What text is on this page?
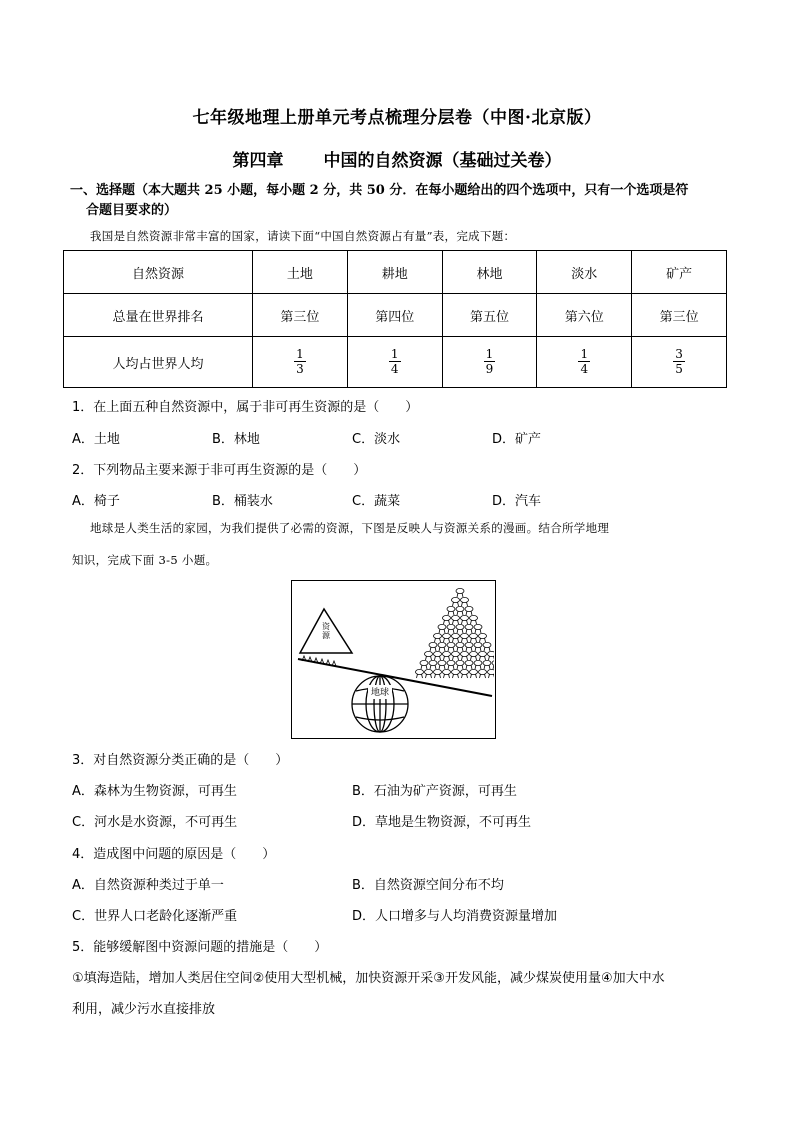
七年级地理上册单元考点梳理分层卷（中图·北京版）
第四章 中国的自然资源（基础过关卷）
一、选择题（本大题共 25 小题，每小题 2 分，共 50 分．在每小题给出的四个选项中，只有一个选项是符
合题目要求的）
我国是自然资源非常丰富的国家，请读下面“中国自然资源占有量”表，完成下题：
自然资源	土地	耕地	林地	淡水	矿产
总量在世界排名	第三位	第四位	第五位	第六位	第三位
人均占世界人均	$\frac{1}{3}$	$\frac{1}{4}$	$\frac{1}{9}$	$\frac{1}{4}$	$\frac{3}{5}$
1．在上面五种自然资源中，属于非可再生资源的是（　　）
A．土地	B．林地	C．淡水	D．矿产
2．下列物品主要来源于非可再生资源的是（　　）
A．椅子	B．桶装水	C．蔬菜	D．汽车
地球是人类生活的家园，为我们提供了必需的资源，下图是反映人与资源关系的漫画。结合所学地理
知识，完成下面 3-5 小题。
资源
地球
3．对自然资源分类正确的是（　　）
A．森林为生物资源，可再生	B．石油为矿产资源，可再生
C．河水是水资源，不可再生	D．草地是生物资源，不可再生
4．造成图中问题的原因是（　　）
A．自然资源种类过于单一	B．自然资源空间分布不均
C．世界人口老龄化逐渐严重	D．人口增多与人均消费资源量增加
5．能够缓解图中资源问题的措施是（　　）
①填海造陆，增加人类居住空间②使用大型机械，加快资源开采③开发风能，减少煤炭使用量④加大中水
利用，减少污水直接排放
